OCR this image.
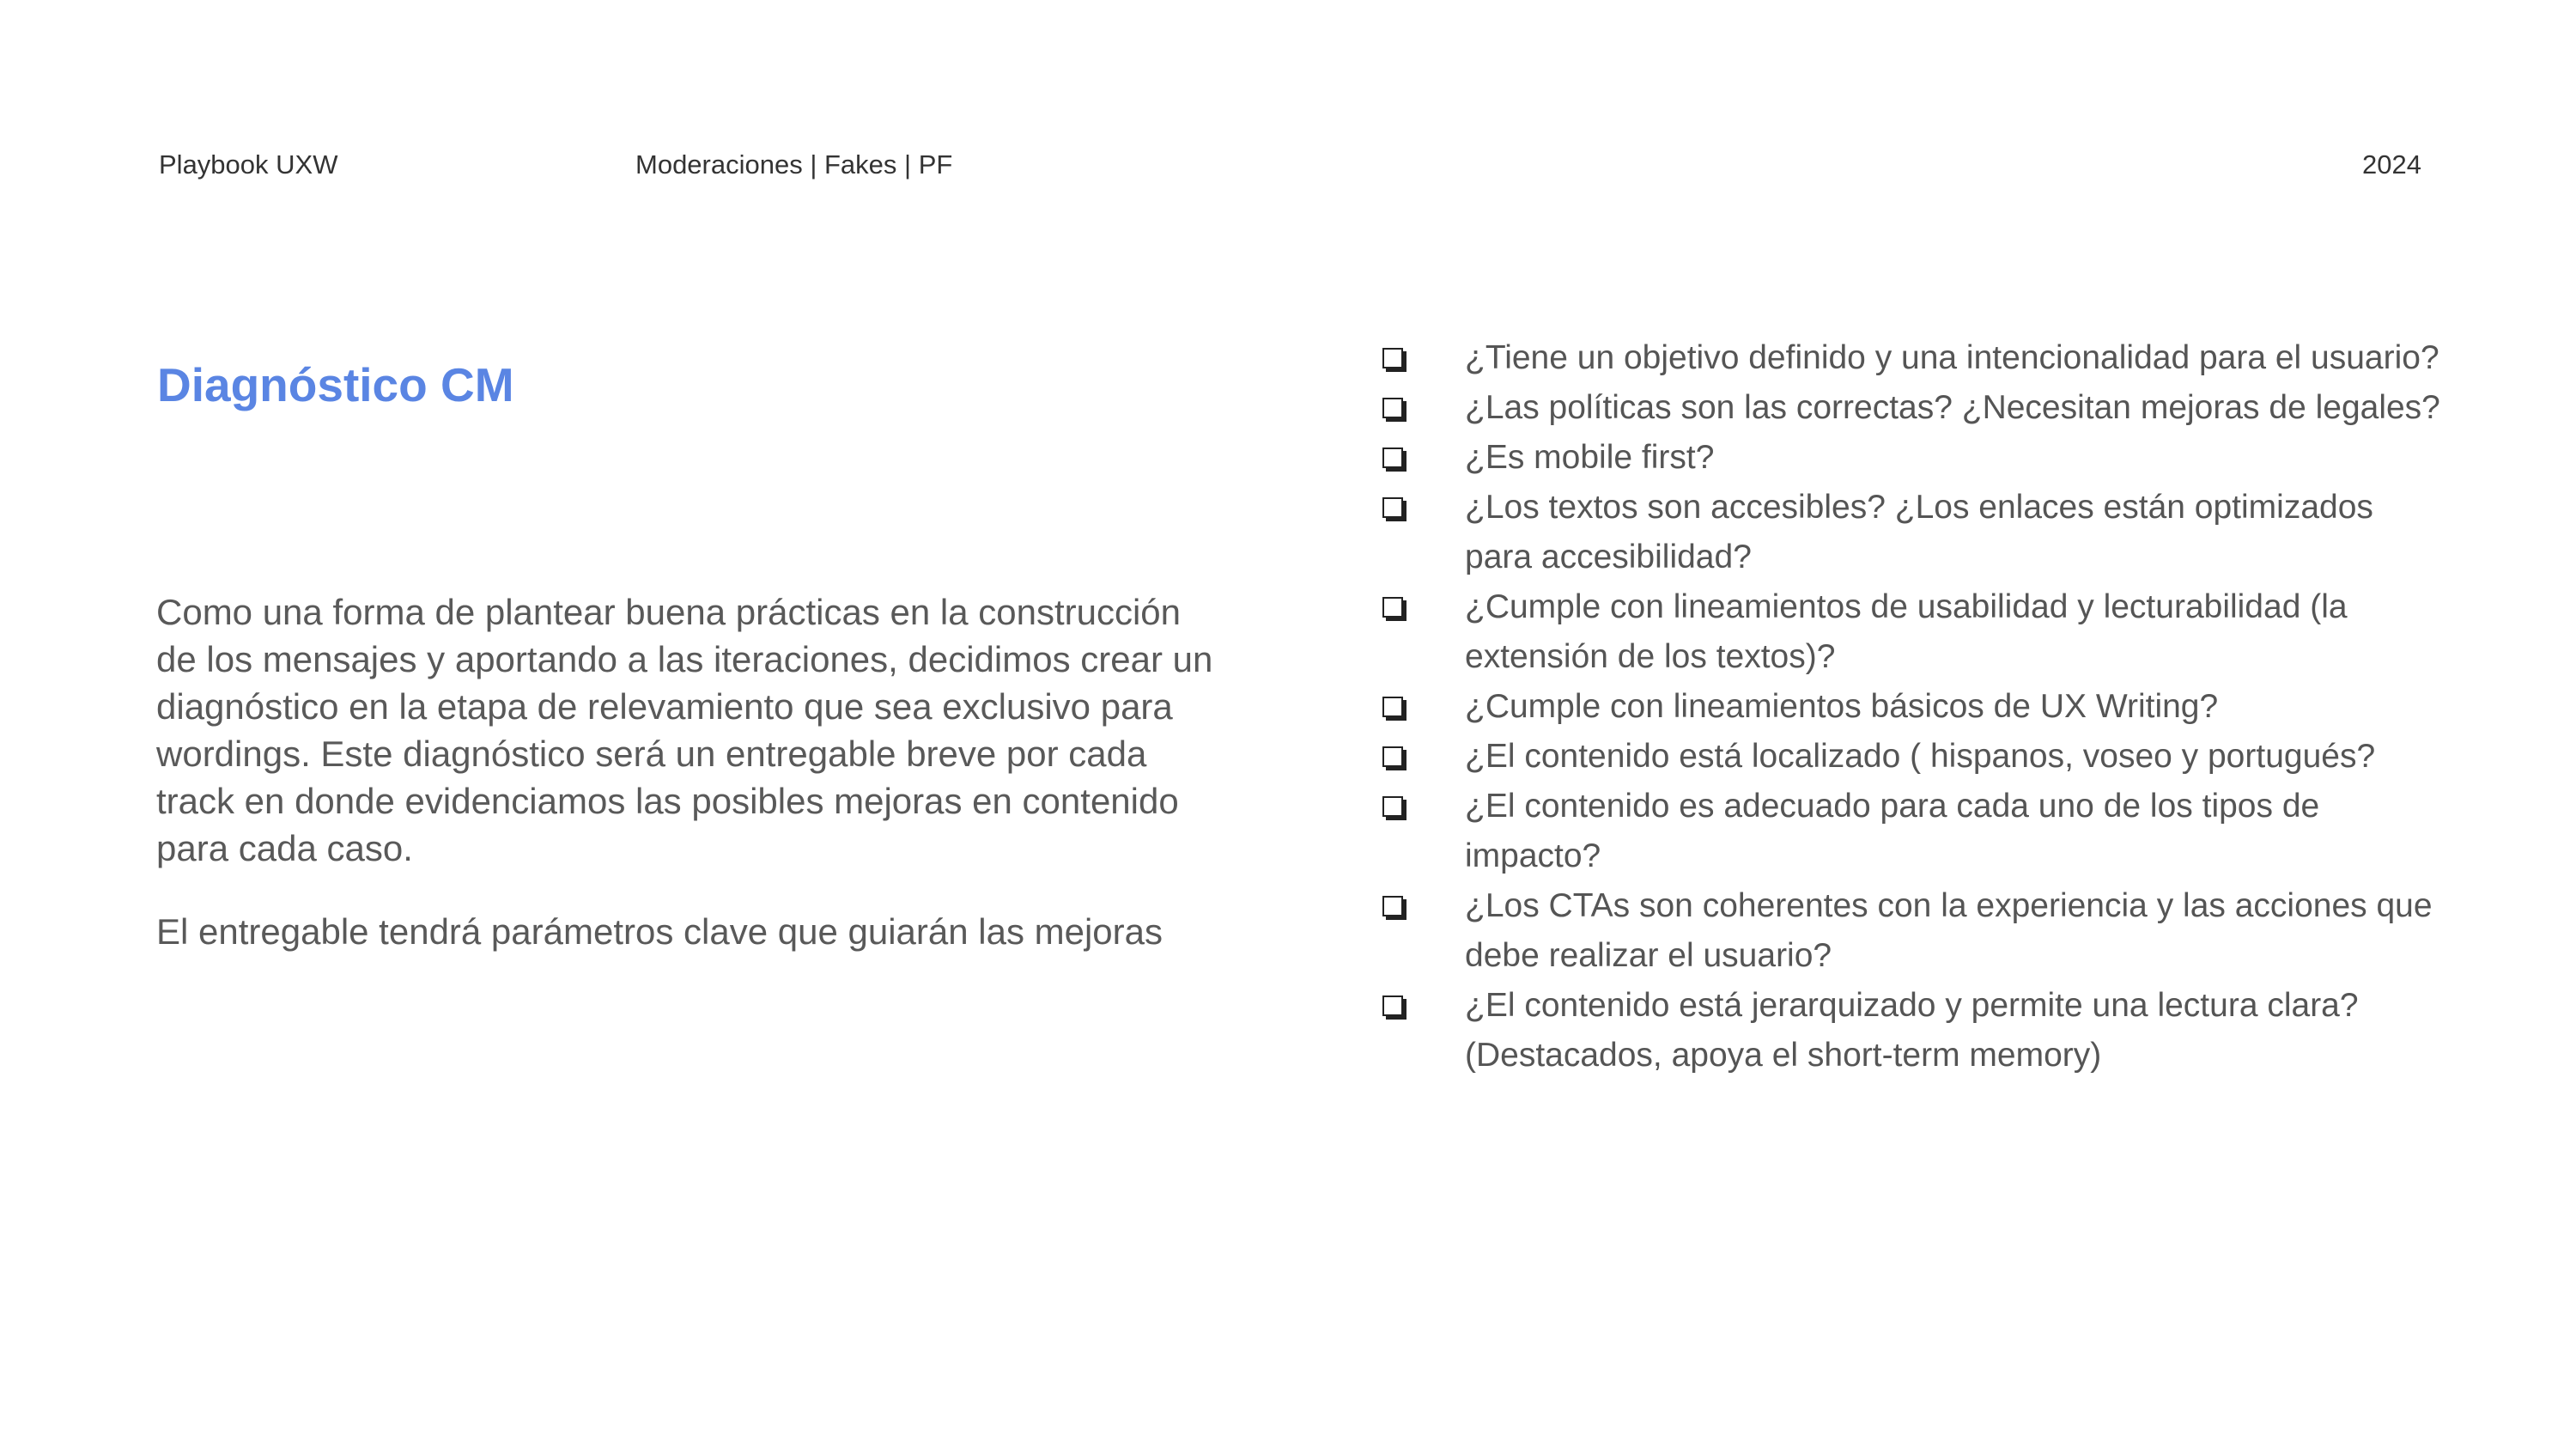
Playbook UXW	Moderaciones | Fakes | PF	2024
Diagnóstico CM

Como una forma de plantear buena prácticas en la construcción de los mensajes y aportando a las iteraciones, decidimos crear un diagnóstico en la etapa de relevamiento que sea exclusivo para wordings. Este diagnóstico será un entregable breve por cada track en donde evidenciamos las posibles mejoras en contenido para cada caso.

El entregable tendrá parámetros clave que guiarán las mejoras

¿Tiene un objetivo definido y una intencionalidad para el usuario?
¿Las políticas son las correctas? ¿Necesitan mejoras de legales?
¿Es mobile first?
¿Los textos son accesibles? ¿Los enlaces están optimizados para accesibilidad?
¿Cumple con lineamientos de usabilidad y lecturabilidad (la extensión de los textos)?
¿Cumple con lineamientos básicos de UX Writing?
¿El contenido está localizado ( hispanos, voseo y portugués?
¿El contenido es adecuado para cada uno de los tipos de impacto?
¿Los CTAs son coherentes con la experiencia y las acciones que debe realizar el usuario?
¿El contenido está jerarquizado y permite una lectura clara? (Destacados, apoya el short-term memory)
